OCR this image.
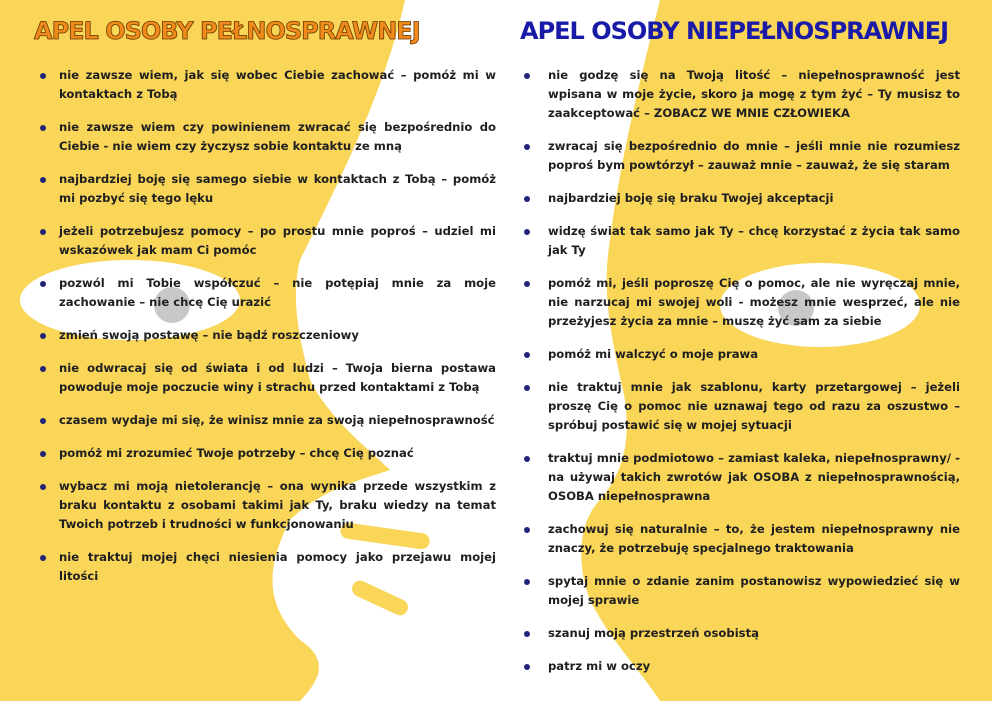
APEL OSOBY PEŁNOSPRAWNEJ
nie zawsze wiem, jak się wobec Ciebie zachować – pomóż mi w kontaktach z Tobą
nie zawsze wiem czy powinienem zwracać się bezpośrednio do Ciebie - nie wiem czy życzysz sobie kontaktu ze mną
najbardziej boję się samego siebie w kontaktach z Tobą – pomóż mi pozbyć się tego lęku
jeżeli potrzebujesz pomocy – po prostu mnie poproś – udziel mi wskazówek jak mam Ci pomóc
pozwól mi Tobie współczuć – nie potępiaj mnie za moje zachowanie – nie chcę Cię urazić
zmień swoją postawę – nie bądź roszczeniowy
nie odwracaj się od świata i od ludzi – Twoja bierna postawa powoduje moje poczucie winy i strachu przed kontaktami z Tobą
czasem wydaje mi się, że winisz mnie za swoją niepełnosprawność
pomóż mi zrozumieć Twoje potrzeby – chcę Cię poznać
wybacz mi moją nietolerancję – ona wynika przede wszystkim z braku kontaktu z osobami takimi jak Ty, braku wiedzy na temat Twoich potrzeb i trudności w funkcjonowaniu
nie traktuj mojej chęci niesienia pomocy jako przejawu mojej litości
APEL OSOBY NIEPEŁNOSPRAWNEJ
nie godzę się na Twoją litość – niepełnosprawność jest wpisana w moje życie, skoro ja mogę z tym żyć – Ty musisz to zaakceptować – ZOBACZ WE MNIE CZŁOWIEKA
zwracaj się bezpośrednio do mnie – jeśli mnie nie rozumiesz poproś bym powtórzył – zauważ mnie – zauważ, że się staram
najbardziej boję się braku Twojej akceptacji
widzę świat tak samo jak Ty – chcę korzystać z życia tak samo jak Ty
pomóż mi, jeśli poproszę Cię o pomoc, ale nie wyręczaj mnie, nie narzucaj mi swojej woli - możesz mnie wesprzeć, ale nie przeżyjesz życia za mnie – muszę żyć sam za siebie
pomóż mi walczyć o moje prawa
nie traktuj mnie jak szablonu, karty przetargowej – jeżeli proszę Cię o pomoc nie uznawaj tego od razu za oszustwo – spróbuj postawić się w mojej sytuacji
traktuj mnie podmiotowo – zamiast kaleka, niepełnosprawny/ -na używaj takich zwrotów jak OSOBA z niepełnosprawnością, OSOBA niepełnosprawna
zachowuj się naturalnie – to, że jestem niepełnosprawny nie znaczy, że potrzebuję specjalnego traktowania
spytaj mnie o zdanie zanim postanowisz wypowiedzieć się w mojej sprawie
szanuj moją przestrzeń osobistą
patrz mi w oczy
